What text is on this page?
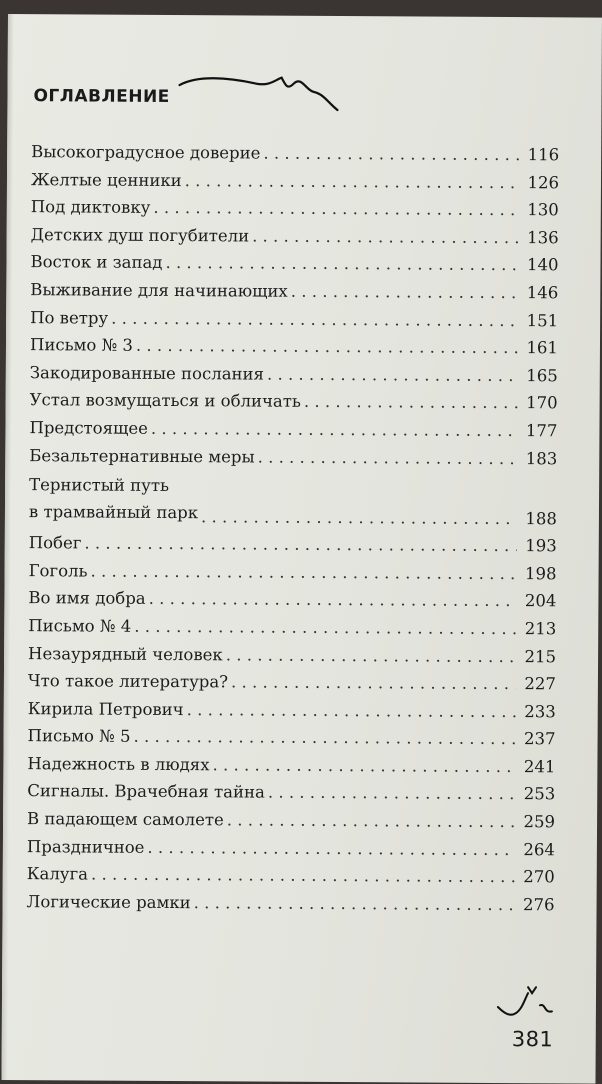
ОГЛАВЛЕНИЕ
Высокоградусное доверие . . .	116
Желтые ценники . . .	126
Под диктовку . . .	130
Детских душ погубители . . .	136
Восток и запад . . .	140
Выживание для начинающих . . .	146
По ветру . . .	151
Письмо № 3 . . .	161
Закодированные послания . . .	165
Устал возмущаться и обличать . . .	170
Предстоящее . . .	177
Безальтернативные меры . . .	183
Тернистый путь
в трамвайный парк . . .	188
Побег . . .	193
Гоголь . . .	198
Во имя добра . . .	204
Письмо № 4 . . .	213
Незаурядный человек . . .	215
Что такое литература? . . .	227
Кирила Петрович . . .	233
Письмо № 5 . . .	237
Надежность в людях . . .	241
Сигналы. Врачебная тайна . . .	253
В падающем самолете . . .	259
Праздничное . . .	264
Калуга . . .	270
Логические рамки . . .	276
381
